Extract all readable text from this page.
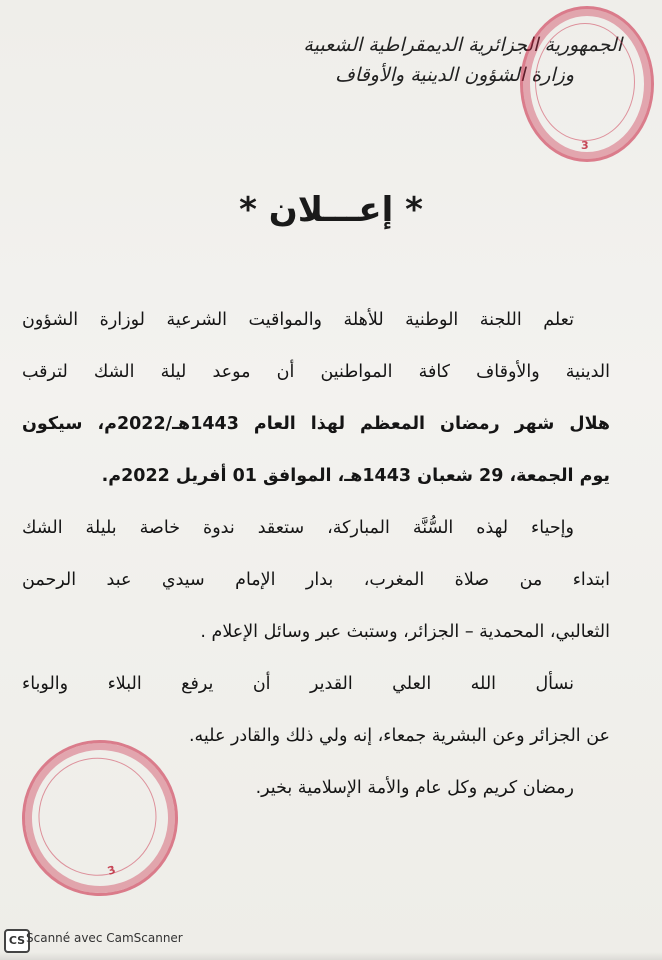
الجمهورية الجزائرية الديمقراطية الشعبية
وزارة الشؤون الدينية والأوقاف
3
* إعـــلان *
تعلم اللجنة الوطنية للأهلة والمواقيت الشرعية لوزارة الشؤون
الدينية والأوقاف كافة المواطنين أن موعد ليلة الشك لترقب
هلال شهر رمضان المعظم لهذا العام 1443هـ/2022م، سيكون
يوم الجمعة، 29 شعبان 1443هـ، الموافق 01 أفريل 2022م.
وإحياء لهذه السُّنَّة المباركة، ستعقد ندوة خاصة بليلة الشك
ابتداء من صلاة المغرب، بدار الإمام سيدي عبد الرحمن
الثعالبي، المحمدية – الجزائر، وستبث عبر وسائل الإعلام .
نسأل الله العلي القدير أن يرفع البلاء والوباء
عن الجزائر وعن البشرية جمعاء، إنه ولي ذلك والقادر عليه.
رمضان كريم وكل عام والأمة الإسلامية بخير.
3
CS Scanné avec CamScanner
